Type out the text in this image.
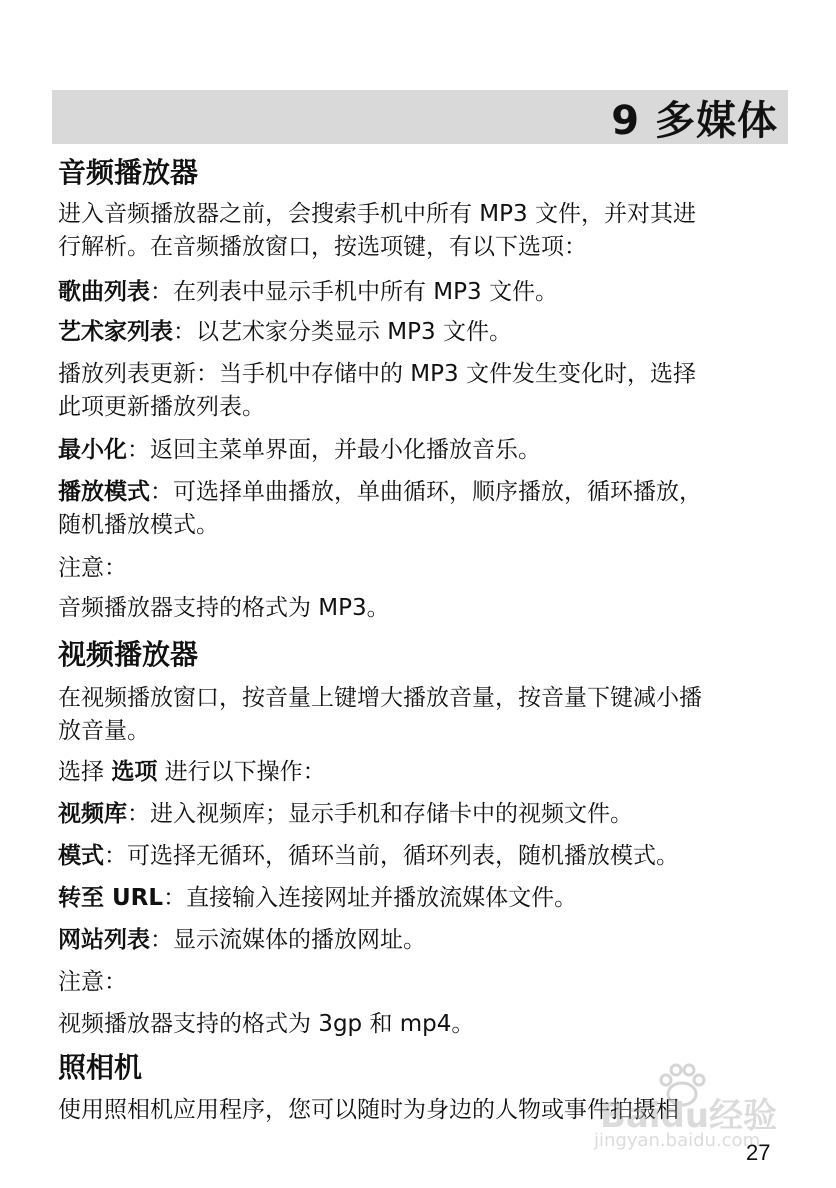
9 多媒体
音频播放器
进入音频播放器之前，会搜索手机中所有 MP3 文件，并对其进
行解析。在音频播放窗口，按选项键，有以下选项：
歌曲列表：在列表中显示手机中所有 MP3 文件。
艺术家列表：以艺术家分类显示 MP3 文件。
播放列表更新：当手机中存储中的 MP3 文件发生变化时，选择
此项更新播放列表。
最小化：返回主菜单界面，并最小化播放音乐。
播放模式：可选择单曲播放，单曲循环，顺序播放，循环播放，
随机播放模式。
注意：
音频播放器支持的格式为 MP3。
视频播放器
在视频播放窗口，按音量上键增大播放音量，按音量下键减小播
放音量。
选择 选项 进行以下操作：
视频库：进入视频库；显示手机和存储卡中的视频文件。
模式：可选择无循环，循环当前，循环列表，随机播放模式。
转至 URL：直接输入连接网址并播放流媒体文件。
网站列表：显示流媒体的播放网址。
注意：
视频播放器支持的格式为 3gp 和 mp4。
照相机
使用照相机应用程序，您可以随时为身边的人物或事件拍摄相
Baidu经验
jingyan.baidu.com
27
